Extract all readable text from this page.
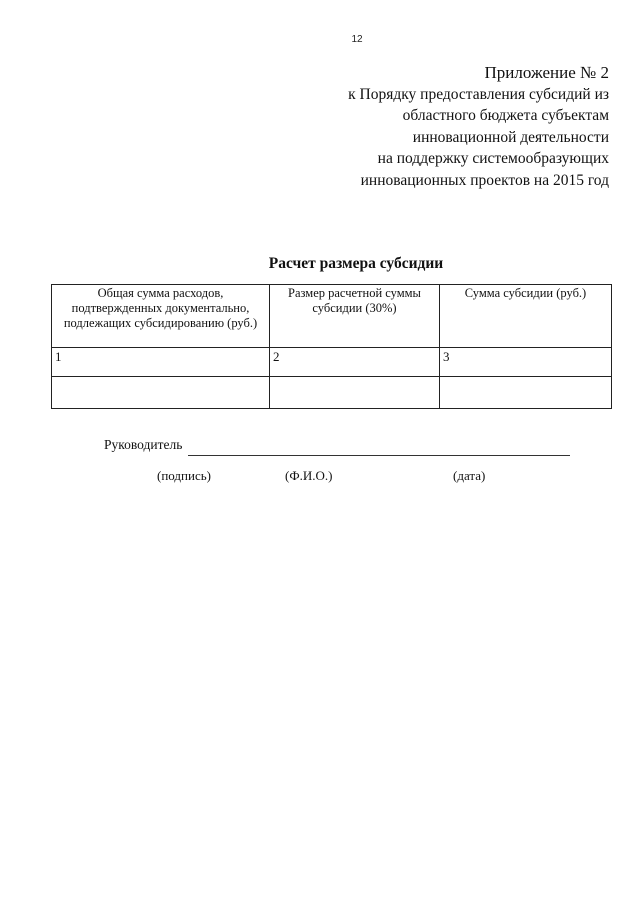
12
Приложение № 2
к Порядку предоставления субсидий из
областного бюджета субъектам
инновационной деятельности
на поддержку системообразующих
инновационных проектов на 2015 год
Расчет размера субсидии
Общая сумма расходов, подтвержденных документально, подлежащих субсидированию (руб.)	Размер расчетной суммы субсидии (30%)	Сумма субсидии (руб.)

1	2	3

Руководитель
(подпись)	(Ф.И.О.)	(дата)
